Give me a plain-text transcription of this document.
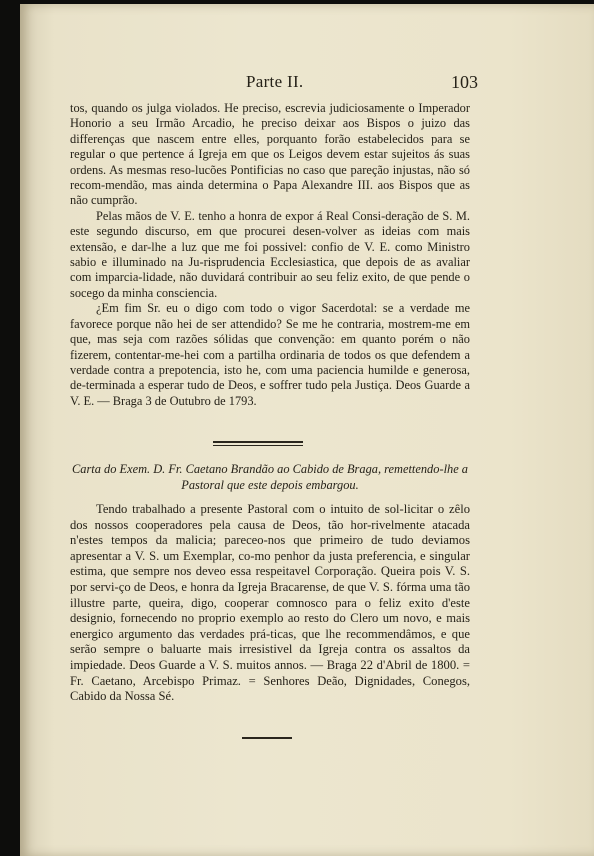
Parte II.	103

tos, quando os julga violados. He preciso, escrevia judiciosamente o Imperador Honorio a seu Irmão Arcadio, he preciso deixar aos Bispos o juizo das differenças que nascem entre elles, porquanto forão estabelecidos para se regular o que pertence á Igreja em que os Leigos devem estar sujeitos ás suas ordens. As mesmas reso-lucões Pontificias no caso que pareção injustas, não só recom-mendão, mas ainda determina o Papa Alexandre III. aos Bispos que as não cumprão.

Pelas mãos de V. E. tenho a honra de expor á Real Consi-deração de S. M. este segundo discurso, em que procurei desen-volver as ideias com mais extensão, e dar-lhe a luz que me foi possivel: confio de V. E. como Ministro sabio e illuminado na Ju-risprudencia Ecclesiastica, que depois de as avaliar com imparcia-lidade, não duvidará contribuir ao seu feliz exito, de que pende o socego da minha consciencia.

¿Em fim Sr. eu o digo com todo o vigor Sacerdotal: se a verdade me favorece porque não hei de ser attendido? Se me he contraria, mostrem-me em que, mas seja com razões sólidas que convenção: em quanto porém o não fizerem, contentar-me-hei com a partilha ordinaria de todos os que defendem a verdade contra a prepotencia, isto he, com uma paciencia humilde e generosa, de-terminada a esperar tudo de Deos, e soffrer tudo pela Justiça. Deos Guarde a V. E. — Braga 3 de Outubro de 1793.

Carta do Exem. D. Fr. Caetano Brandão ao Cabido de Braga, remettendo-lhe a Pastoral que este depois embargou.

Tendo trabalhado a presente Pastoral com o intuito de sol-licitar o zêlo dos nossos cooperadores pela causa de Deos, tão hor-rivelmente atacada n'estes tempos da malicia; pareceo-nos que primeiro de tudo deviamos apresentar a V. S. um Exemplar, co-mo penhor da justa preferencia, e singular estima, que sempre nos deveo essa respeitavel Corporação. Queira pois V. S. por servi-ço de Deos, e honra da Igreja Bracarense, de que V. S. fórma uma tão illustre parte, queira, digo, cooperar comnosco para o feliz exito d'este designio, fornecendo no proprio exemplo ao resto do Clero um novo, e mais energico argumento das verdades prá-ticas, que lhe recommendâmos, e que serão sempre o baluarte mais irresistivel da Igreja contra os assaltos da impiedade. Deos Guarde a V. S. muitos annos. — Braga 22 d'Abril de 1800. = Fr. Caetano, Arcebispo Primaz. = Senhores Deão, Dignidades, Conegos, Cabido da Nossa Sé.
